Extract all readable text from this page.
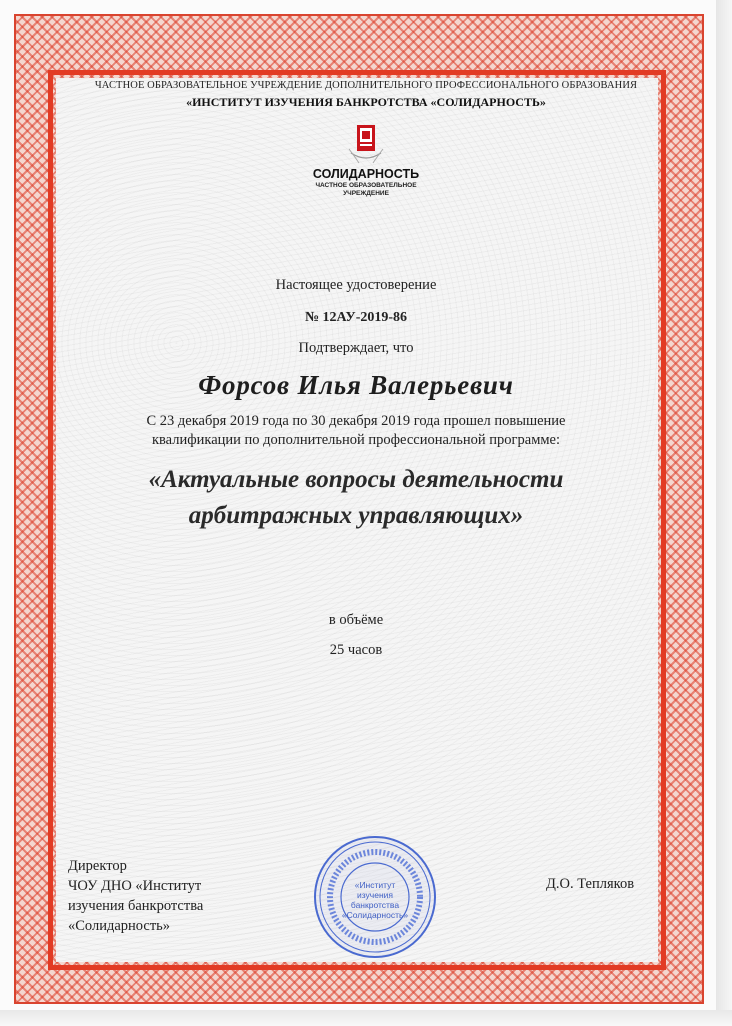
ЧАСТНОЕ ОБРАЗОВАТЕЛЬНОЕ УЧРЕЖДЕНИЕ ДОПОЛНИТЕЛЬНОГО ПРОФЕССИОНАЛЬНОГО ОБРАЗОВАНИЯ
«ИНСТИТУТ ИЗУЧЕНИЯ БАНКРОТСТВА «СОЛИДАРНОСТЬ»
СОЛИДАРНОСТЬ
ЧАСТНОЕ ОБРАЗОВАТЕЛЬНОЕ
УЧРЕЖДЕНИЕ
Настоящее удостоверение
№ 12АУ-2019-86
Подтверждает, что
Форсов Илья Валерьевич
С 23 декабря 2019 года по 30 декабря 2019 года прошел повышение
квалификации по дополнительной профессиональной программе:
«Актуальные вопросы деятельности
арбитражных управляющих»
в объёме
25 часов
Директор
ЧОУ ДНО «Институт
изучения банкротства
«Солидарность»
Д.О. Тепляков
«Институт
изучения
банкротства
«Солидарность»
